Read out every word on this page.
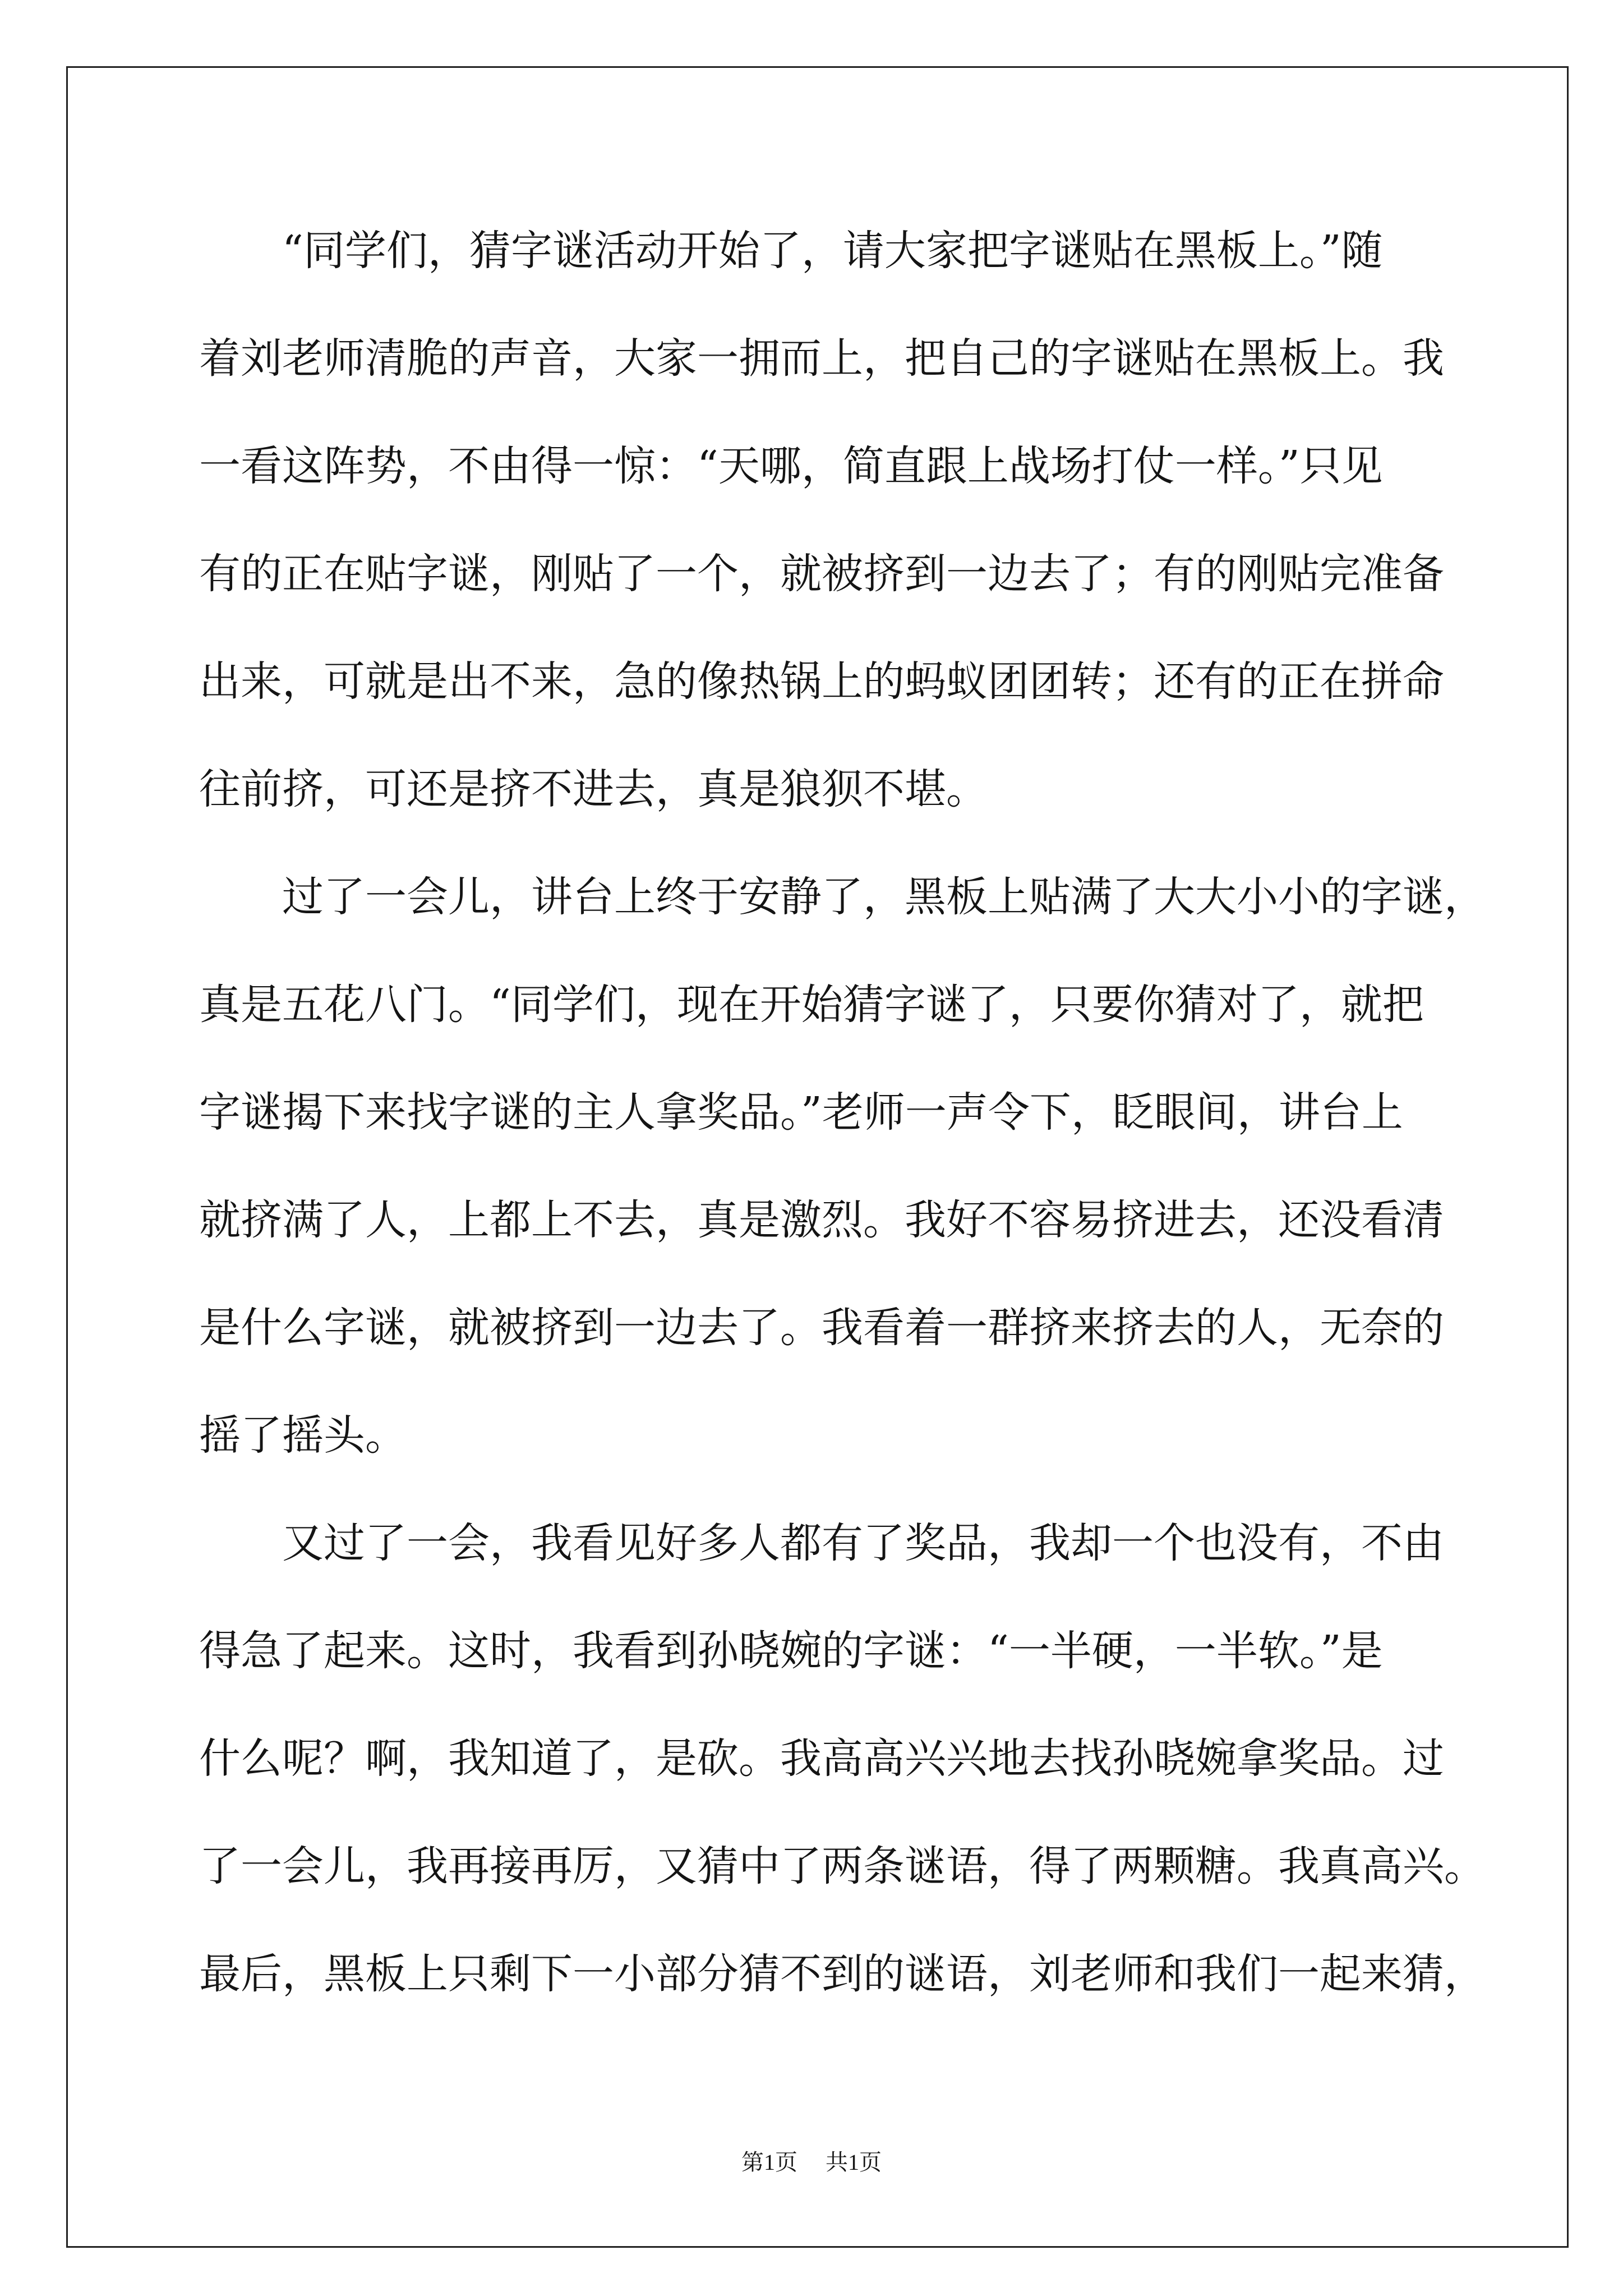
“同学们，猜字谜活动开始了，请大家把字谜贴在黑板上。”随
着刘老师清脆的声音，大家一拥而上，把自己的字谜贴在黑板上。我
一看这阵势，不由得一惊：“天哪，简直跟上战场打仗一样。”只见
有的正在贴字谜，刚贴了一个，就被挤到一边去了；有的刚贴完准备
出来，可就是出不来，急的像热锅上的蚂蚁团团转；还有的正在拼命
往前挤，可还是挤不进去，真是狼狈不堪。
过了一会儿，讲台上终于安静了，黑板上贴满了大大小小的字谜，
真是五花八门。“同学们，现在开始猜字谜了，只要你猜对了，就把
字谜揭下来找字谜的主人拿奖品。”老师一声令下，眨眼间，讲台上
就挤满了人，上都上不去，真是激烈。我好不容易挤进去，还没看清
是什么字谜，就被挤到一边去了。我看着一群挤来挤去的人，无奈的
摇了摇头。
又过了一会，我看见好多人都有了奖品，我却一个也没有，不由
得急了起来。这时，我看到孙晓婉的字谜：“一半硬，一半软。”是
什么呢？啊，我知道了，是砍。我高高兴兴地去找孙晓婉拿奖品。过
了一会儿，我再接再厉，又猜中了两条谜语，得了两颗糖。我真高兴。
最后，黑板上只剩下一小部分猜不到的谜语，刘老师和我们一起来猜，
第1页 共1页
